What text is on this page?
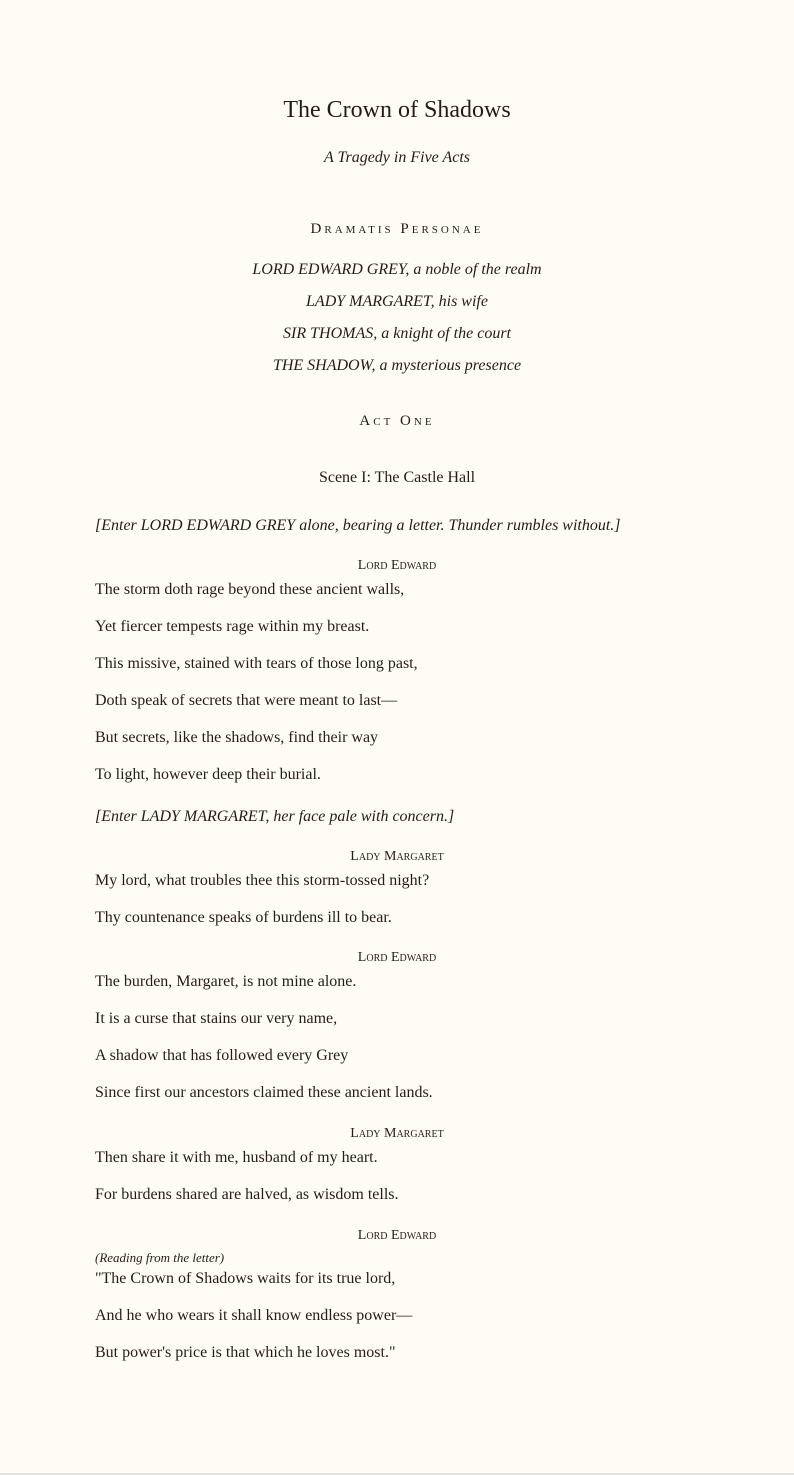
The Crown of Shadows
A Tragedy in Five Acts
Dramatis Personae
LORD EDWARD GREY, a noble of the realm
LADY MARGARET, his wife
SIR THOMAS, a knight of the court
THE SHADOW, a mysterious presence
Act One
Scene I: The Castle Hall
[Enter LORD EDWARD GREY alone, bearing a letter. Thunder rumbles without.]
Lord Edward
The storm doth rage beyond these ancient walls,
Yet fiercer tempests rage within my breast.
This missive, stained with tears of those long past,
Doth speak of secrets that were meant to last—
But secrets, like the shadows, find their way
To light, however deep their burial.
[Enter LADY MARGARET, her face pale with concern.]
Lady Margaret
My lord, what troubles thee this storm-tossed night?
Thy countenance speaks of burdens ill to bear.
Lord Edward
The burden, Margaret, is not mine alone.
It is a curse that stains our very name,
A shadow that has followed every Grey
Since first our ancestors claimed these ancient lands.
Lady Margaret
Then share it with me, husband of my heart.
For burdens shared are halved, as wisdom tells.
Lord Edward
(Reading from the letter)
"The Crown of Shadows waits for its true lord,
And he who wears it shall know endless power—
But power's price is that which he loves most."
